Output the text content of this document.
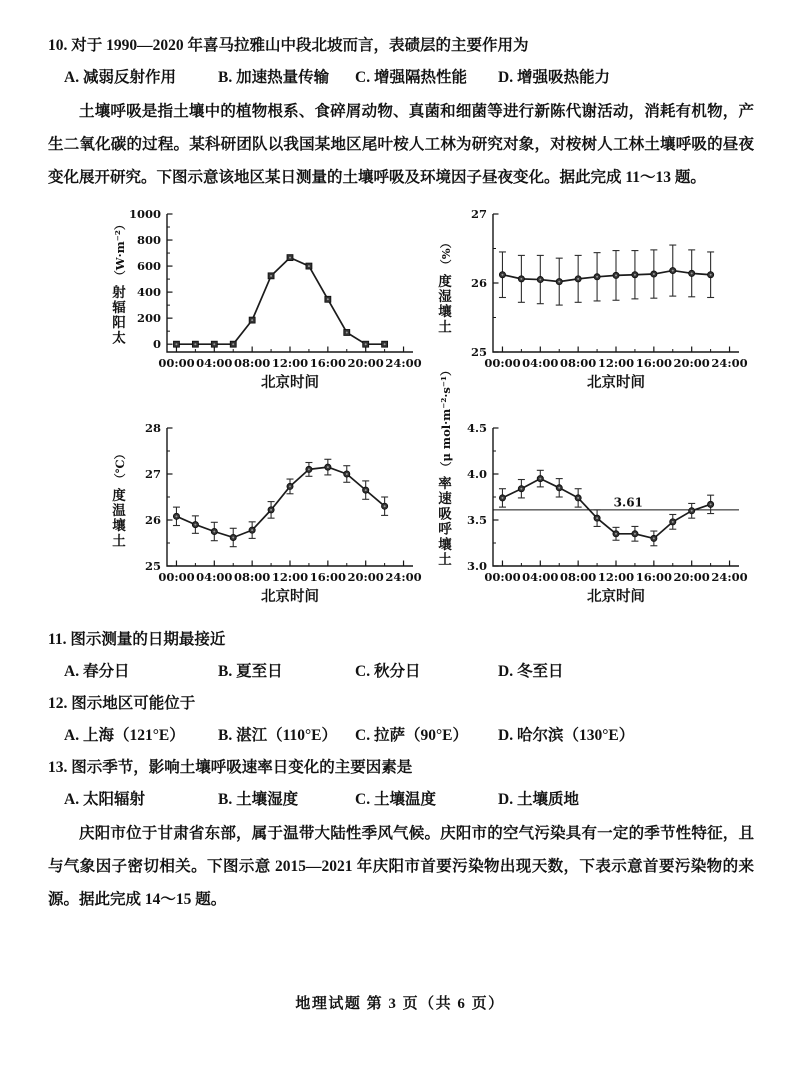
10. 对于 1990—2020 年喜马拉雅山中段北坡而言，表碛层的主要作用为
A. 减弱反射作用	B. 加速热量传输	C. 增强隔热性能	D. 增强吸热能力
土壤呼吸是指土壤中的植物根系、食碎屑动物、真菌和细菌等进行新陈代谢活动，消耗有机物，产生二氧化碳的过程。某科研团队以我国某地区尾叶桉人工林为研究对象，对桉树人工林土壤呼吸的昼夜变化展开研究。下图示意该地区某日测量的土壤呼吸及环境因子昼夜变化。据此完成 11～13 题。
00:00 04:00 08:00 12:00 16:00 20:00 24:00
0
200
400
600
800
1000
北京时间
太
阳
辐
射
（W·m⁻²）
00:00 04:00 08:00 12:00 16:00 20:00 24:00
25
26
27
北京时间
土
壤
湿
度
（%）
00:00 04:00 08:00 12:00 16:00 20:00 24:00
25
26
27
28
北京时间
土
壤
温
度
（℃）
00:00 04:00 08:00 12:00 16:00 20:00 24:00
3.0
3.5
4.0
4.5
北京时间
土
壤
呼
吸
速
率
（μ mol·m⁻²·s⁻¹）
3.61
11. 图示测量的日期最接近
A. 春分日	B. 夏至日	C. 秋分日	D. 冬至日
12. 图示地区可能位于
A. 上海（121°E）	B. 湛江（110°E）	C. 拉萨（90°E）	D. 哈尔滨（130°E）
13. 图示季节，影响土壤呼吸速率日变化的主要因素是
A. 太阳辐射	B. 土壤湿度	C. 土壤温度	D. 土壤质地
庆阳市位于甘肃省东部，属于温带大陆性季风气候。庆阳市的空气污染具有一定的季节性特征，且与气象因子密切相关。下图示意 2015—2021 年庆阳市首要污染物出现天数，下表示意首要污染物的来源。据此完成 14～15 题。
地理试题 第 3 页（共 6 页）
